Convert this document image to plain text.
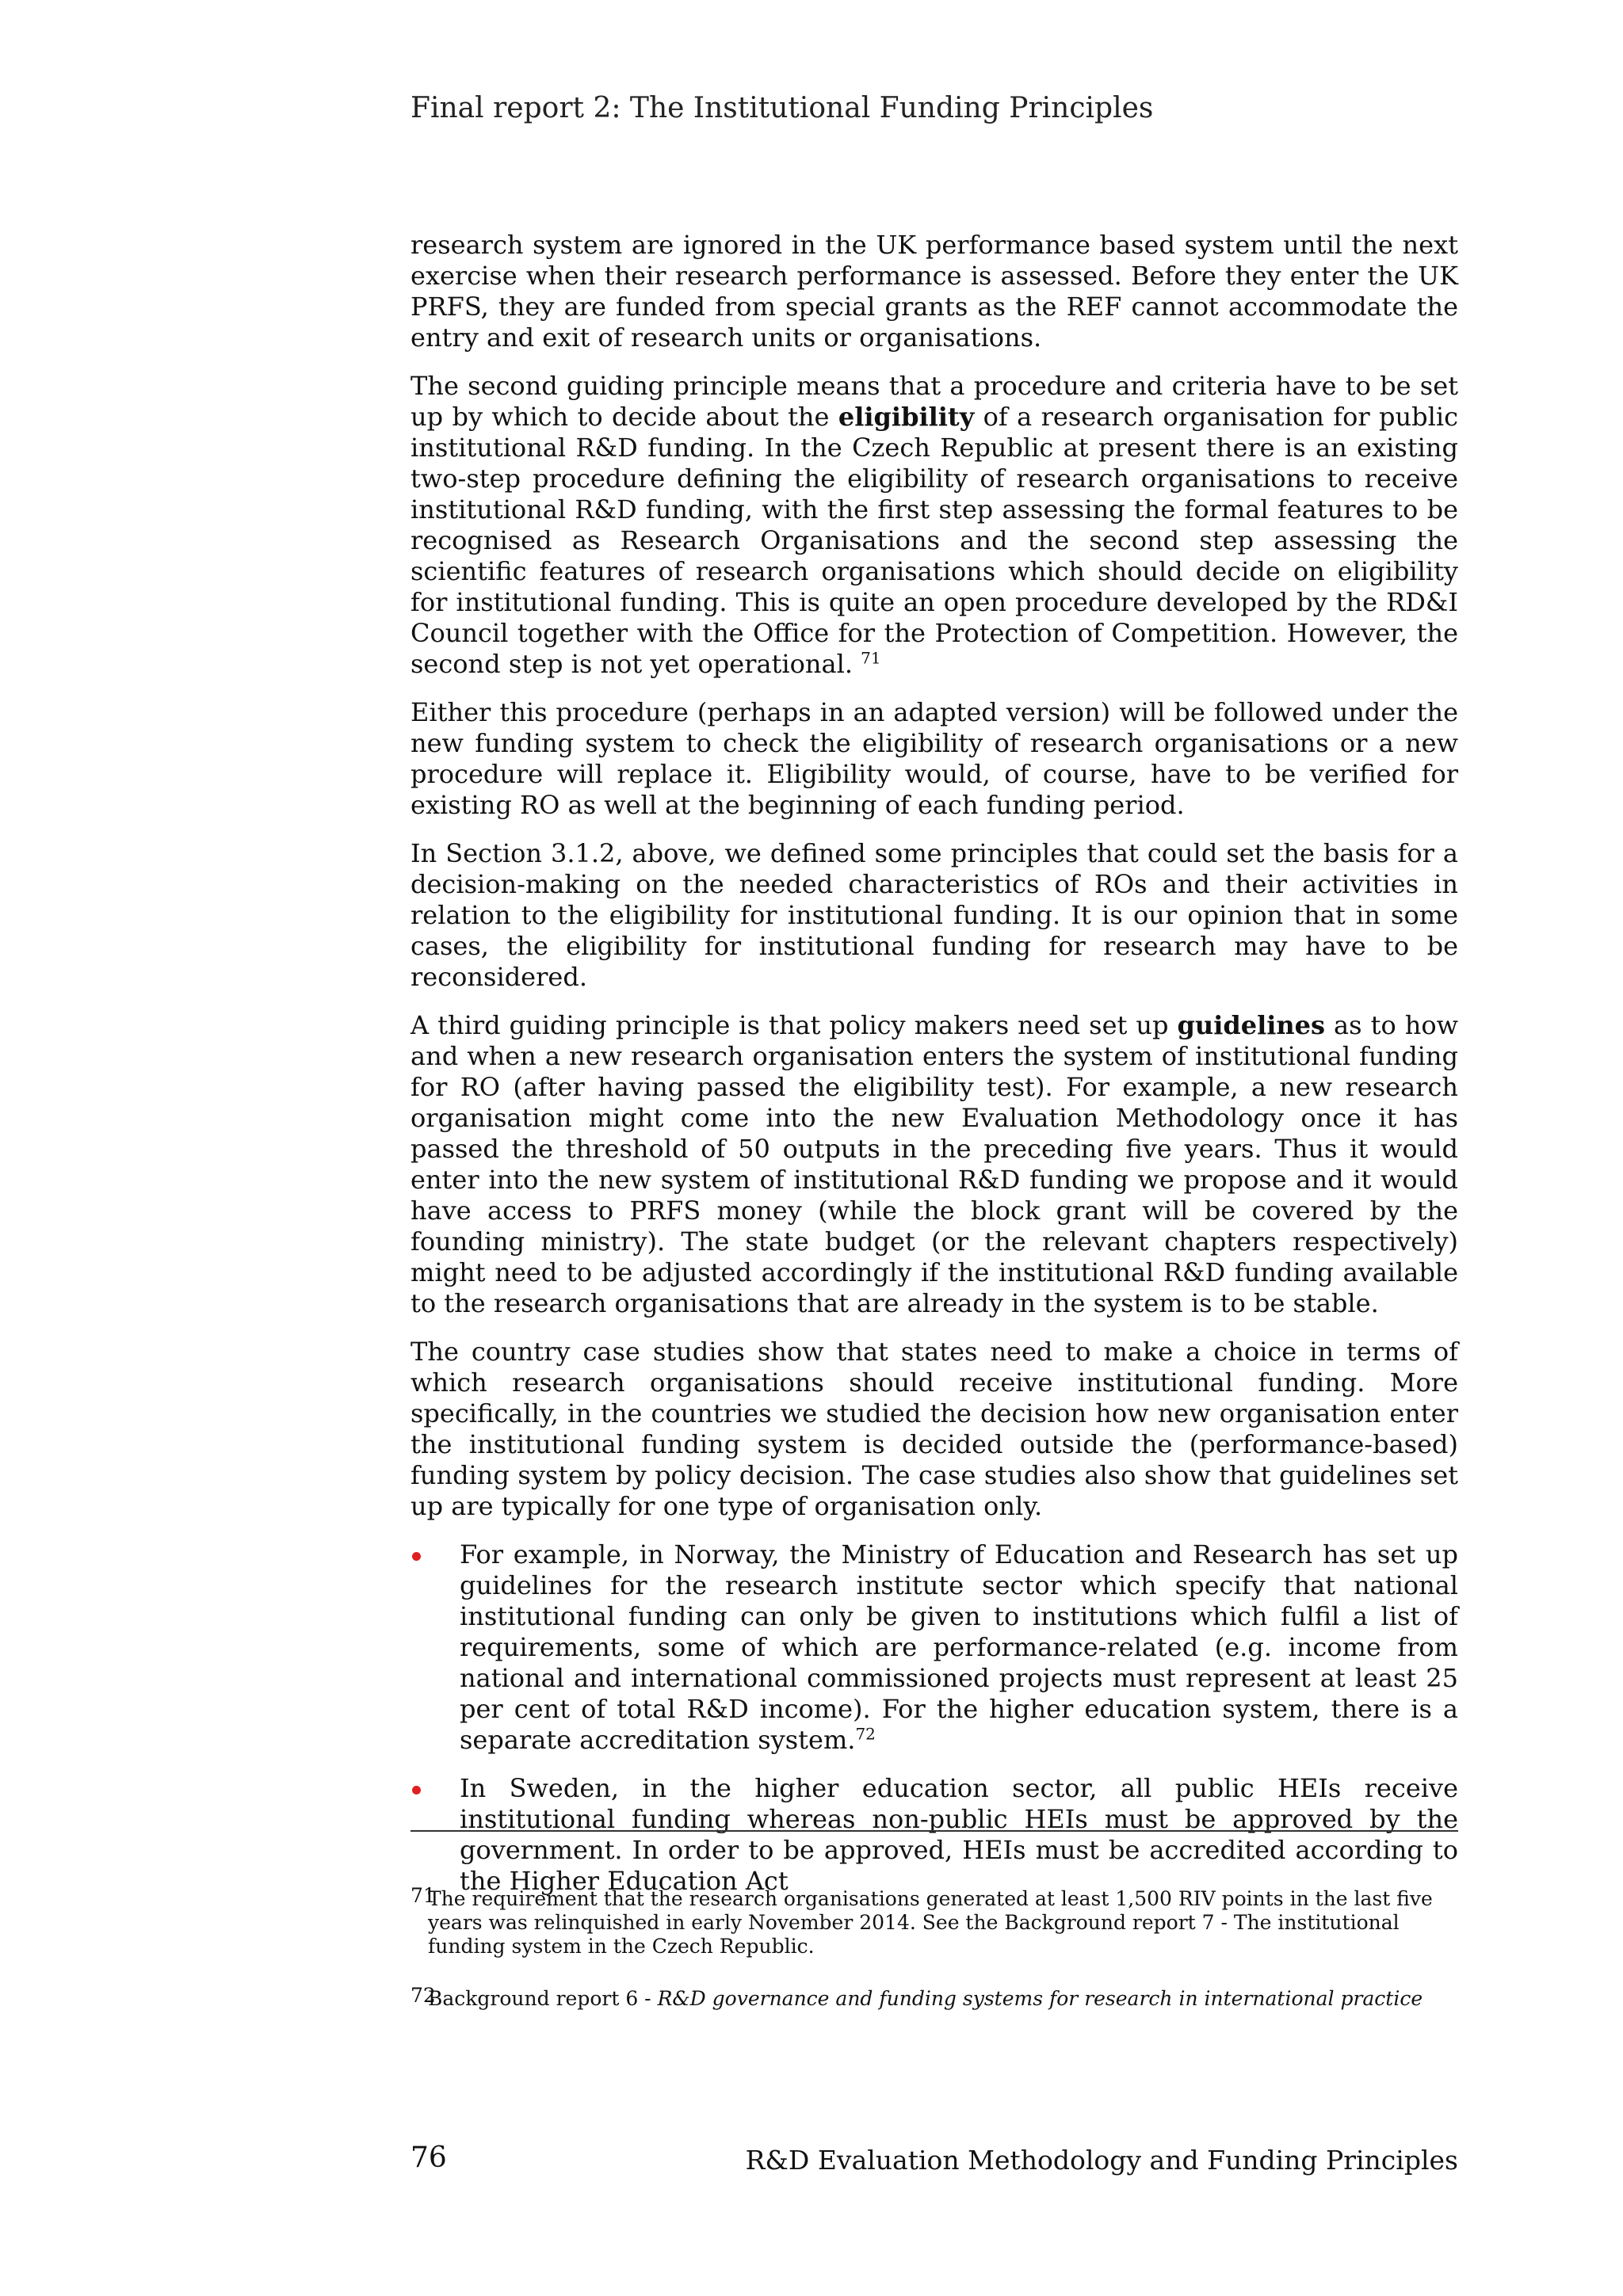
Final report 2: The Institutional Funding Principles

research system are ignored in the UK performance based system until the next exercise when their research performance is assessed. Before they enter the UK PRFS, they are funded from special grants as the REF cannot accommodate the entry and exit of research units or organisations.

The second guiding principle means that a procedure and criteria have to be set up by which to decide about the eligibility of a research organisation for public institutional R&D funding. In the Czech Republic at present there is an existing two-step procedure defining the eligibility of research organisations to receive institutional R&D funding, with the first step assessing the formal features to be recognised as Research Organisations and the second step assessing the scientific features of research organisations which should decide on eligibility for institutional funding. This is quite an open procedure developed by the RD&I Council together with the Office for the Protection of Competition. However, the second step is not yet operational. $^{71}$

Either this procedure (perhaps in an adapted version) will be followed under the new funding system to check the eligibility of research organisations or a new procedure will replace it. Eligibility would, of course, have to be verified for existing RO as well at the beginning of each funding period.

In Section 3.1.2, above, we defined some principles that could set the basis for a decision-making on the needed characteristics of ROs and their activities in relation to the eligibility for institutional funding. It is our opinion that in some cases, the eligibility for institutional funding for research may have to be reconsidered.

A third guiding principle is that policy makers need set up guidelines as to how and when a new research organisation enters the system of institutional funding for RO (after having passed the eligibility test). For example, a new research organisation might come into the new Evaluation Methodology once it has passed the threshold of 50 outputs in the preceding five years. Thus it would enter into the new system of institutional R&D funding we propose and it would have access to PRFS money (while the block grant will be covered by the founding ministry). The state budget (or the relevant chapters respectively) might need to be adjusted accordingly if the institutional R&D funding available to the research organisations that are already in the system is to be stable.

The country case studies show that states need to make a choice in terms of which research organisations should receive institutional funding. More specifically, in the countries we studied the decision how new organisation enter the institutional funding system is decided outside the (performance-based) funding system by policy decision. The case studies also show that guidelines set up are typically for one type of organisation only.

For example, in Norway, the Ministry of Education and Research has set up guidelines for the research institute sector which specify that national institutional funding can only be given to institutions which fulfil a list of requirements, some of which are performance-related (e.g. income from national and international commissioned projects must represent at least 25 per cent of total R&D income). For the higher education system, there is a separate accreditation system.$^{72}$
In Sweden, in the higher education sector, all public HEIs receive institutional funding whereas non-public HEIs must be approved by the government. In order to be approved, HEIs must be accredited according to the Higher Education Act
71
The requirement that the research organisations generated at least 1,500 RIV points in the last five years was relinquished in early November 2014. See the Background report 7 - The institutional funding system in the Czech Republic.
72
Background report 6 - R&D governance and funding systems for research in international practice
76	R&D Evaluation Methodology and Funding Principles
